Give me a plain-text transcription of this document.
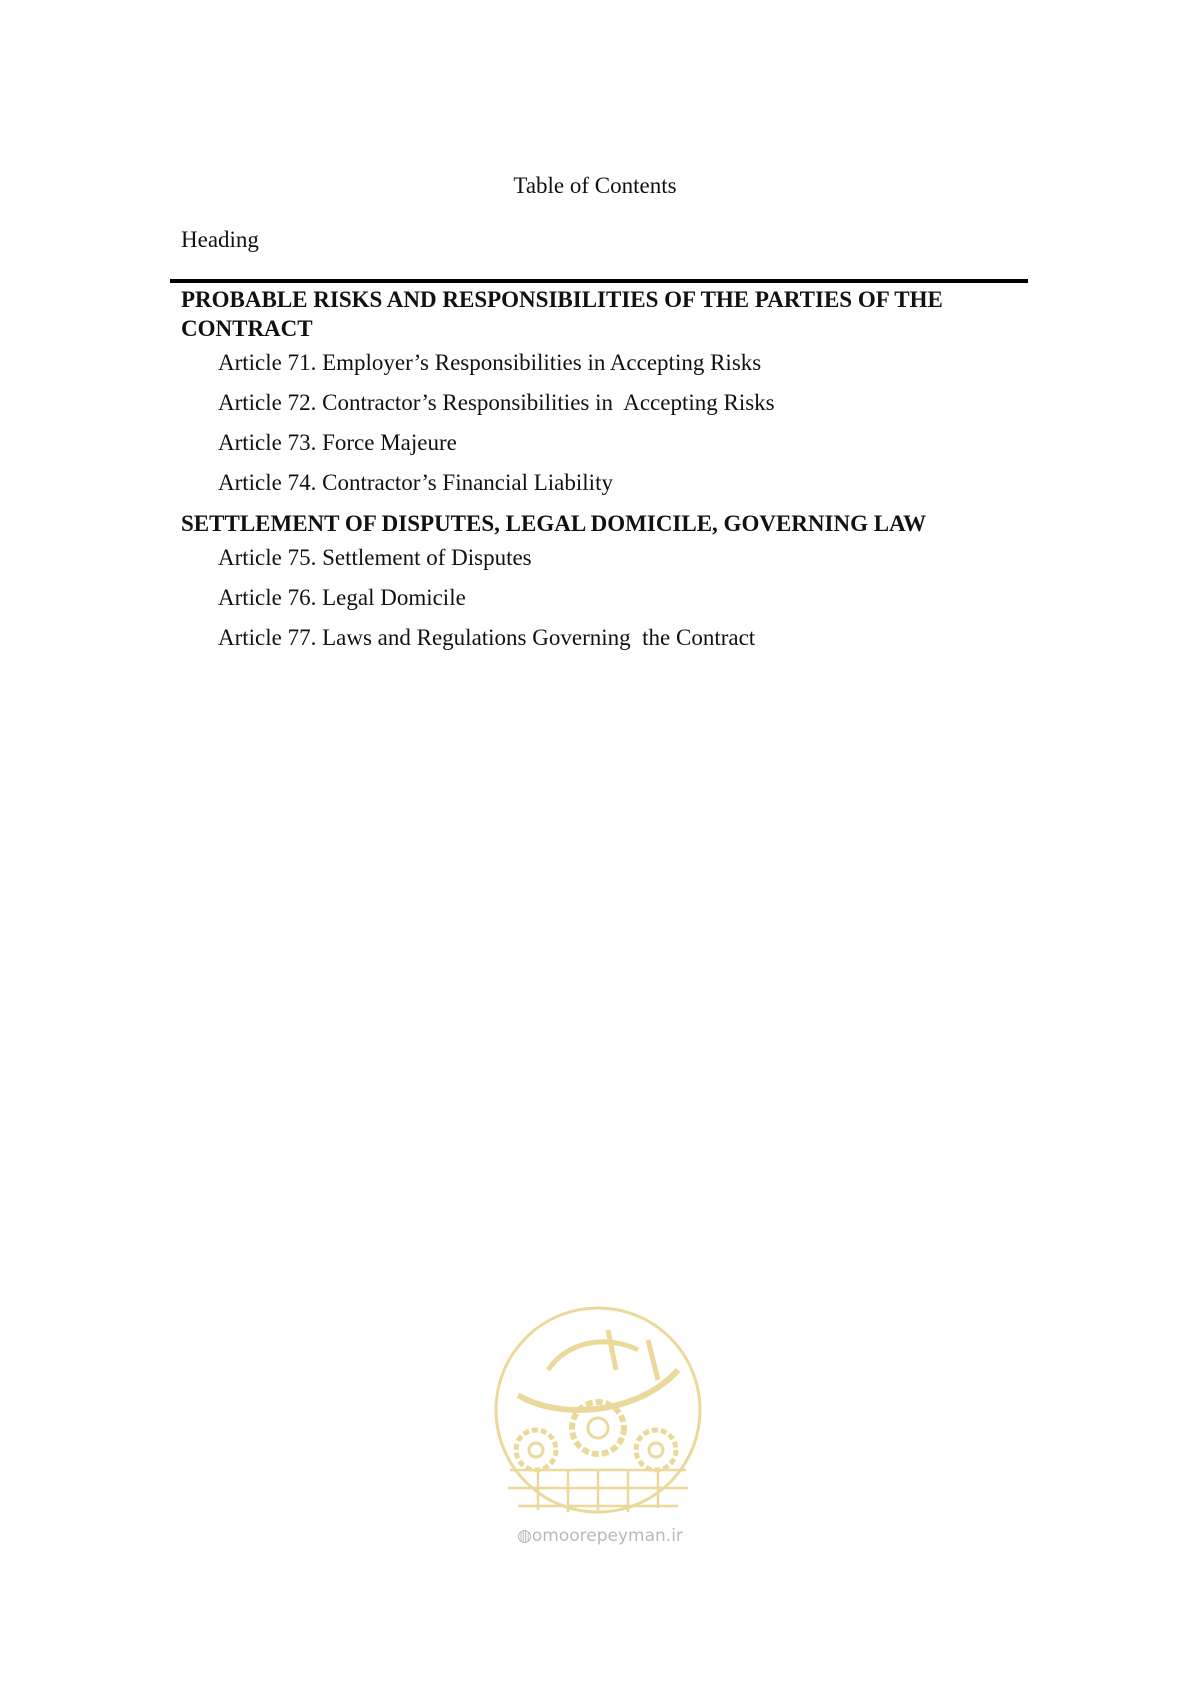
Table of Contents
Heading
PROBABLE RISKS AND RESPONSIBILITIES OF THE PARTIES OF THE CONTRACT
Article 71. Employer’s Responsibilities in Accepting Risks
Article 72. Contractor’s Responsibilities in  Accepting Risks
Article 73. Force Majeure
Article 74. Contractor’s Financial Liability
SETTLEMENT OF DISPUTES, LEGAL DOMICILE, GOVERNING LAW
Article 75. Settlement of Disputes
Article 76. Legal Domicile
Article 77. Laws and Regulations Governing  the Contract
◍omoorepeyman.ir
